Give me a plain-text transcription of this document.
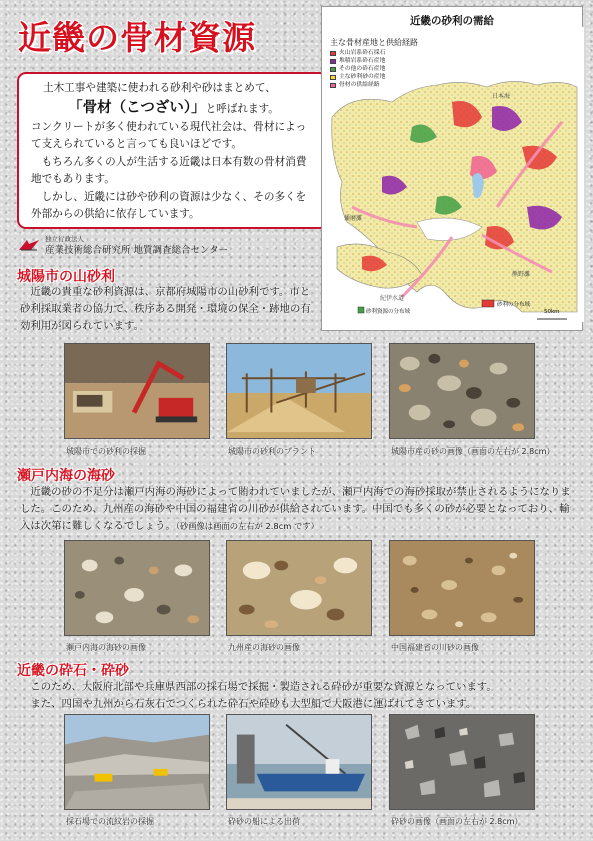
近畿の骨材資源

土木工事や建築に使われる砂利や砂はまとめて、

「骨材（こつざい）」と呼ばれます。

コンクリートが多く使われている現代社会は、骨材によって支えられていると言っても良いほどです。

もちろん多くの人が生活する近畿は日本有数の骨材消費地でもあります。

しかし、近畿には砂や砂利の資源は少なく、その多くを外部からの供給に依存しています。

独立行政法人
産業技術総合研究所 地質調査総合センター
近畿の砂利の需給
主な骨材産地と供給経路
火山岩系砕石採石
堆積岩系砕石産地
その他の砕石産地
主な砂利砂の産地
骨材の供給経路
日本海
播磨灘
紀伊水道
熊野灘
砂利の分布域
砂利資源の分布域	50km
城陽市の山砂利
近畿の貴重な砂利資源は、京都府城陽市の山砂利です。市と砂利採取業者の協力で、秩序ある開発・環境の保全・跡地の有効利用が図られています。
城陽市での砂利の採掘	城陽市の砂利のプラント	城陽市産の砂の画像（画面の左右が 2.8cm）
瀬戸内海の海砂
近畿の砂の不足分は瀬戸内海の海砂によって賄われていましたが、瀬戸内海での海砂採取が禁止されるようになりました。このため、九州産の海砂や中国の福建省の川砂が供給されています。中国でも多くの砂が必要となっており、輸入は次第に難しくなるでしょう。（砂画像は画面の左右が 2.8cm です）
瀬戸内海の海砂の画像	九州産の海砂の画像	中国福建省の川砂の画像
近畿の砕石・砕砂
このため、大阪府北部や兵庫県西部の採石場で採掘・製造される砕砂が重要な資源となっています。
また、四国や九州から石灰石でつくられた砕石や砕砂も大型船で大阪港に運ばれてきています。
採石場での流紋岩の採掘	砕砂の船による出荷	砕砂の画像（画面の左右が 2.8cm）
